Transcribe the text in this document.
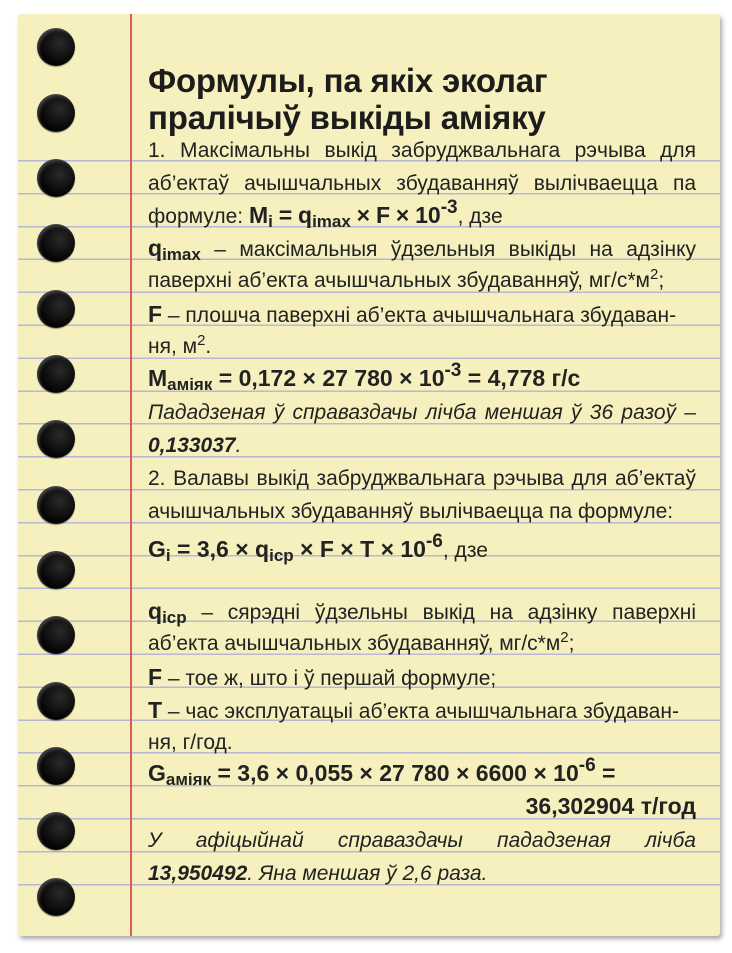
Формулы, па якіх эколаг пралічыў выкіды аміяку
1. Максімальны выкід забруджвальнага рэчыва для
аб’ектаў ачышчальных збудаванняў вылічваецца па
формуле: $M_i = q_{imax} \times F \times 10-3$, дзе
$q_{imax}$ – максімальныя ўдзельныя выкіды на адзінку
паверхні аб’екта ачышчальных збудаванняў, $мг/с*м^2$;
F – плошча паверхні аб’екта ачышчальнага збудаван-
ня, $м^2$.
$M_{аміяк} = 0,172 \times 27$ 780 × 10-3 = 4,778 г/с
Пададзеная ў справаздачы лічба меншая ў 36 разоў –
0,133037.
2. Валавы выкід забруджвальнага рэчыва для аб’ектаў
ачышчальных збудаванняў вылічваецца па формуле:
$G_i = 3,6 \times q_{icp} \times F \times T \times 10-6$, дзе
$q_{icp}$ – сярэдні ўдзельны выкід на адзінку паверхні
аб’екта ачышчальных збудаванняў, $мг/с*м^2$;
F – тое ж, што і ў першай формуле;
T – час эксплуатацыі аб’екта ачышчальнага збудаван-
ня, г/год.
$G_{аміяк} = 3,6 \times 0,055 \times 27$ 780 × 6600 × 10-6 =
36,302904 т/год
У афіцыйнай справаздачы пададзеная лічба
13,950492. Яна меншая ў 2,6 раза.
